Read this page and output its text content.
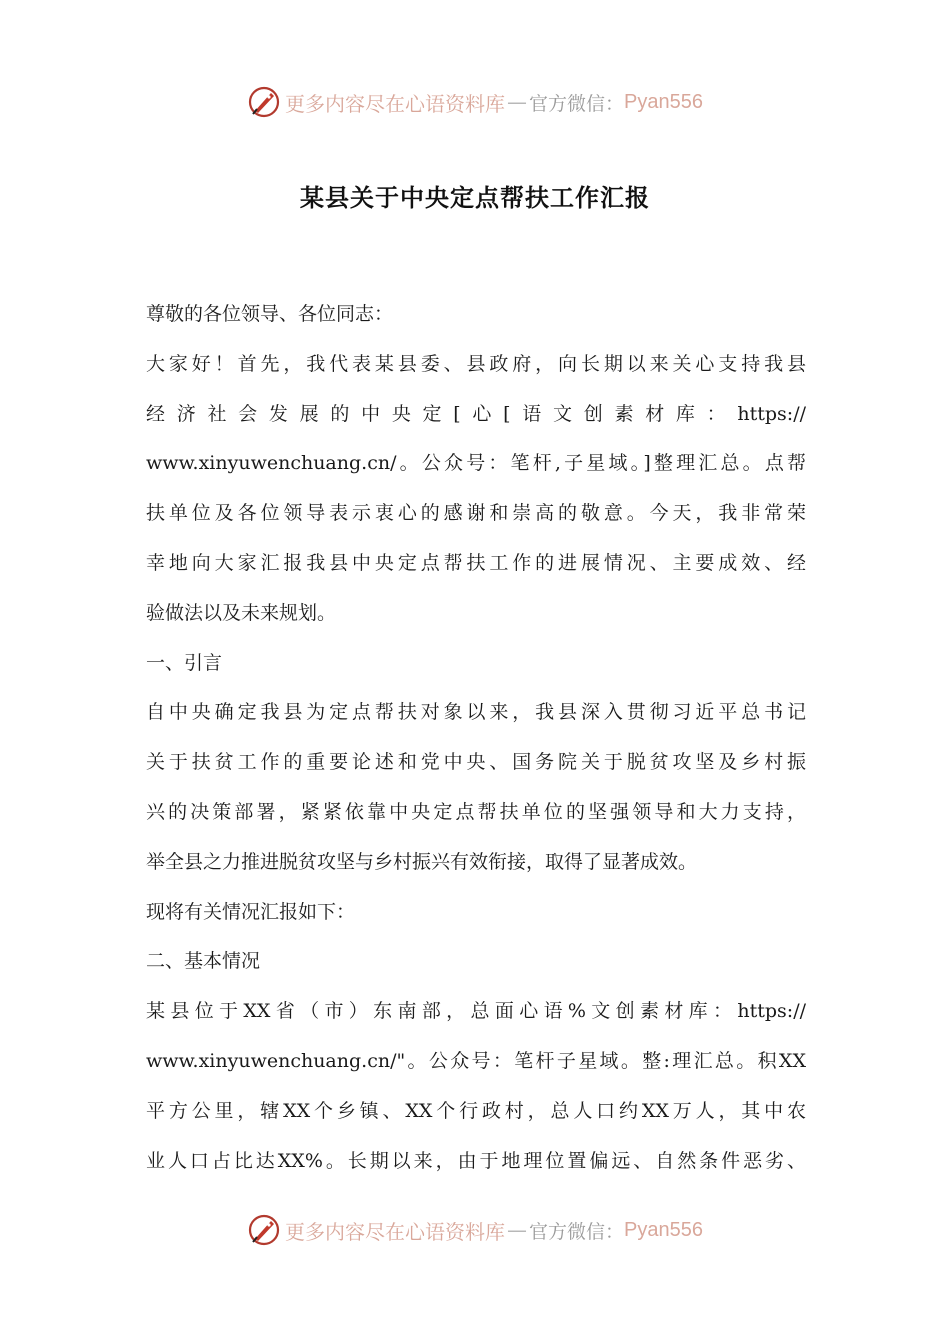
更多内容尽在心语资料库 — 官方微信： Pyan556
某县关于中央定点帮扶工作汇报
尊敬的各位领导、各位同志：
大家好！首先，我代表某县委、县政府，向长期以来关心支持我县
经济社会发展的中央定[心[语文创素材库：https://
www.xinyuwenchuang.cn/。公众号：笔杆,子星域。]整理汇总。点帮
扶单位及各位领导表示衷心的感谢和崇高的敬意。今天，我非常荣
幸地向大家汇报我县中央定点帮扶工作的进展情况、主要成效、经
验做法以及未来规划。
一、引言
自中央确定我县为定点帮扶对象以来，我县深入贯彻习近平总书记
关于扶贫工作的重要论述和党中央、国务院关于脱贫攻坚及乡村振
兴的决策部署，紧紧依靠中央定点帮扶单位的坚强领导和大力支持，
举全县之力推进脱贫攻坚与乡村振兴有效衔接，取得了显著成效。
现将有关情况汇报如下：
二、基本情况
某县位于XX省（市）东南部，总面心语%文创素材库：https://
www.xinyuwenchuang.cn/"。公众号：笔杆子星域。整:理汇总。积XX
平方公里，辖XX个乡镇、XX个行政村，总人口约XX万人，其中农
业人口占比达XX%。长期以来，由于地理位置偏远、自然条件恶劣、
更多内容尽在心语资料库 — 官方微信： Pyan556
